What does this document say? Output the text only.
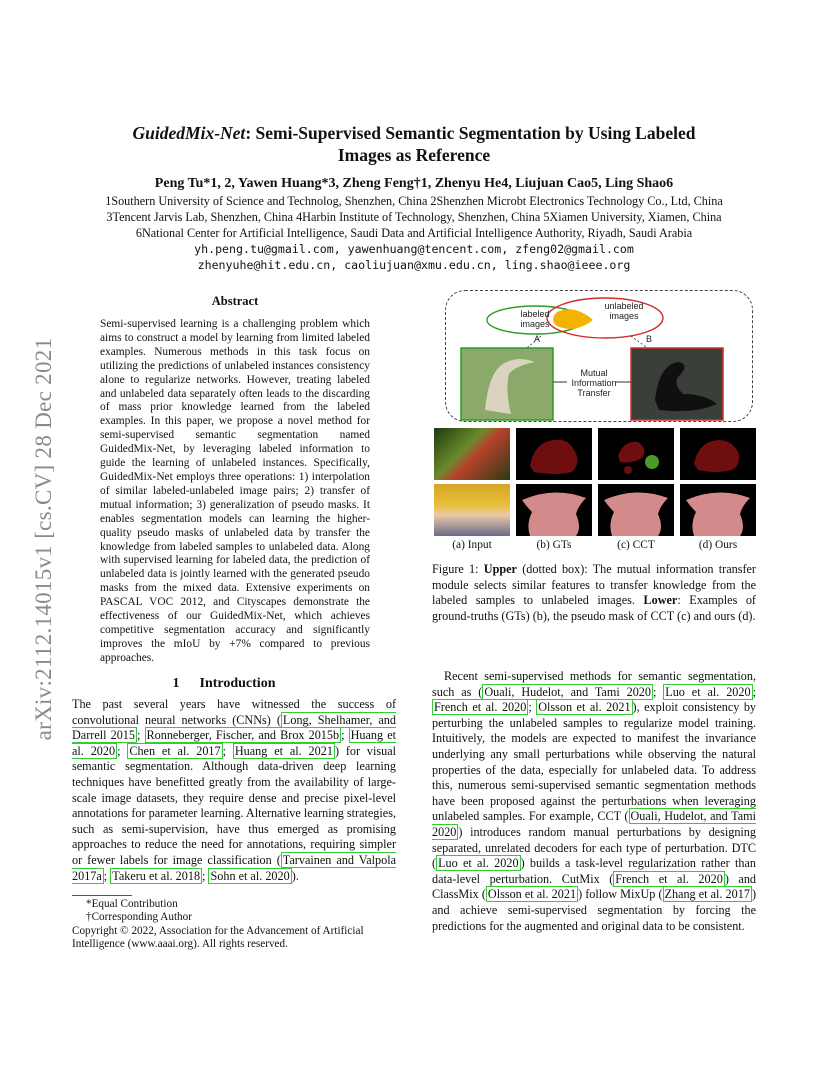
arXiv:2112.14015v1 [cs.CV] 28 Dec 2021
GuidedMix-Net: Semi-Supervised Semantic Segmentation by Using Labeled
Images as Reference
Peng Tu*1, 2, Yawen Huang*3, Zheng Feng†1, Zhenyu He4, Liujuan Cao5, Ling Shao6
1Southern University of Science and Technolog, Shenzhen, China 2Shenzhen Microbt Electronics Technology Co., Ltd, China
3Tencent Jarvis Lab, Shenzhen, China 4Harbin Institute of Technology, Shenzhen, China 5Xiamen University, Xiamen, China
6National Center for Artificial Intelligence, Saudi Data and Artificial Intelligence Authority, Riyadh, Saudi Arabia
yh.peng.tu@gmail.com, yawenhuang@tencent.com, zfeng02@gmail.com
zhenyuhe@hit.edu.cn, caoliujuan@xmu.edu.cn, ling.shao@ieee.org
Abstract
Semi-supervised learning is a challenging problem which aims to construct a model by learning from limited labeled examples. Numerous methods in this task focus on utilizing the predictions of unlabeled instances consistency alone to regularize networks. However, treating labeled and unlabeled data separately often leads to the discarding of mass prior knowledge learned from the labeled examples. In this paper, we propose a novel method for semi-supervised semantic segmentation named GuidedMix-Net, by leveraging labeled information to guide the learning of unlabeled instances. Specifically, GuidedMix-Net employs three operations: 1) interpolation of similar labeled-unlabeled image pairs; 2) transfer of mutual information; 3) generalization of pseudo masks. It enables segmentation models can learning the higher-quality pseudo masks of unlabeled data by transfer the knowledge from labeled samples to unlabeled data. Along with supervised learning for labeled data, the prediction of unlabeled data is jointly learned with the generated pseudo masks from the mixed data. Extensive experiments on PASCAL VOC 2012, and Cityscapes demonstrate the effectiveness of our GuidedMix-Net, which achieves competitive segmentation accuracy and significantly improves the mIoU by +7% compared to previous approaches.
1 Introduction
The past several years have witnessed the success of convolutional neural networks (CNNs) ( Long, Shelhamer, and Darrell 2015 ; Ronneberger, Fischer, and Brox 2015b ; Huang et al. 2020 ; Chen et al. 2017 ; Huang et al. 2021 ) for visual semantic segmentation. Although data-driven deep learning techniques have benefitted greatly from the availability of large-scale image datasets, they require dense and precise pixel-level annotations for parameter learning. Alternative learning strategies, such as semi-supervision, have thus emerged as promising approaches to reduce the need for annotations, requiring simpler or fewer labels for image classification ( Tarvainen and Valpola 2017a ; Takeru et al. 2018 ; Sohn et al. 2020 ).
*Equal Contribution
†Corresponding Author
Copyright © 2022, Association for the Advancement of Artificial Intelligence (www.aaai.org). All rights reserved.
labeled images
unlabeled images
A	B
Mutual Information Transfer
(a) Input	(b) GTs	(c) CCT	(d) Ours
Figure 1: Upper (dotted box): The mutual information transfer module selects similar features to transfer knowledge from the labeled samples to unlabeled images. Lower: Examples of ground-truths (GTs) (b), the pseudo mask of CCT (c) and ours (d).
Recent semi-supervised methods for semantic segmentation, such as ( Ouali, Hudelot, and Tami 2020 ; Luo et al. 2020 ; French et al. 2020 ; Olsson et al. 2021 ), exploit consistency by perturbing the unlabeled samples to regularize model training. Intuitively, the models are expected to manifest the invariance underlying any small perturbations while observing the natural properties of the data, especially for unlabeled data. To address this, numerous semi-supervised semantic segmentation methods have been proposed against the perturbations when leveraging unlabeled samples. For example, CCT ( Ouali, Hudelot, and Tami 2020 ) introduces random manual perturbations by designing separated, unrelated decoders for each type of perturbation. DTC ( Luo et al. 2020 ) builds a task-level regularization rather than data-level perturbation. CutMix ( French et al. 2020 ) and ClassMix ( Olsson et al. 2021 ) follow MixUp ( Zhang et al. 2017 ) and achieve semi-supervised segmentation by forcing the predictions for the augmented and original data to be consistent.
